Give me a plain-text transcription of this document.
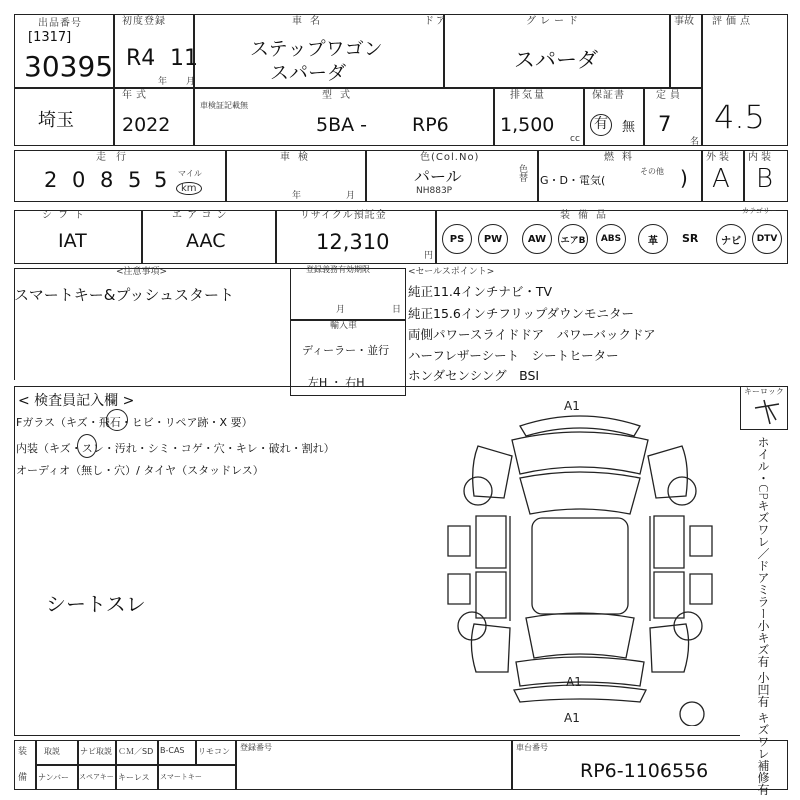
出品番号
[1317]
30395
初度登録
R4 11
年 月
車名
ステップワゴン
スパーダ
ドア	グレード
スパーダ
事故 評価点
4.5
埼玉
年式
2022
型式
車検証記載無
5BA - RP6
排気量
1,500
cc
保証書
有	無
定員
7
名
走行
2 0 8 5 5 マイル
km
車検
年	月
色(Col.No)
パール
NH883P
色替
燃料
G・D・電気(
その他 )
外装
A
内装
B
シフト
IAT
エアコン
AAC
リサイクル預託金
12,310
円
装備品	カテゴリー
PS	PW	AW	エアB	ABS	革	SR	ナビ	DTV
<注意事項>
スマートキー&プッシュスタート
登録義務有効期限
月	日
輸入車
ディーラー・並行
左H ・ 右H
<セールスポイント>
純正11.4インチナビ・TV
純正15.6インチフリップダウンモニター
両側パワースライドドア　パワーバックドア
ハーフレザーシート　シートヒーター
ホンダセンシング　BSI
< 検査員記入欄 >
Fガラス（キズ・飛石・ヒビ・リペア跡・X 要）
内装（キズ・スレ・汚れ・シミ・コゲ・穴・キレ・破れ・割れ）
オーディオ（無し・穴）/ タイヤ（スタッドレス）
シートスレ
キーロック
ホイル・CPキズワレ／ドアミラー小キズ有 小凹有 キズワレ補修有
A1
A1
A1
装
備
取説	ナビ取説 ＣＭ／SD B-CAS リモコン
ナンバー スペアキー キーレス スマートキー
登録番号	車台番号
RP6-1106556
